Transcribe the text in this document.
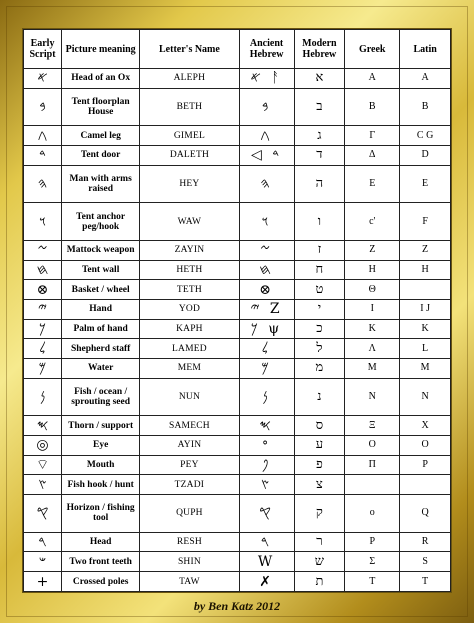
Early Script	Picture meaning	Letter's Name	Ancient Hebrew	Modern Hebrew	Greek	Latin
𐤀	Head of an Ox	ALEPH	𐤀 ᚨ	א	A	A
𐤁	Tent floorplan House	BETH	𐤁	ב	B	B
𐤂	Camel leg	GIMEL	𐤂	ג	Γ	C G
𐤃	Tent door	DALETH	◁ 𐤃	ד	Δ	D
𐤄	Man with arms raised	HEY	𐤄	ה	E	E
𐤅	Tent anchor peg/hook	WAW	𐤅	ו	c'	F
𐤆	Mattock weapon	ZAYIN	𐤆	ז	Z	Z
𐤇	Tent wall	HETH	𐤇	ח	H	H
⊗	Basket / wheel	TETH	⊗	ט	Θ	
𐤉	Hand	YOD	𐤉 Z	י	I	I J
𐤊	Palm of hand	KAPH	𐤊 ψ	כ	K	K
𐤋	Shepherd staff	LAMED	𐤋	ל	Λ	L
𐤌	Water	MEM	𐤌	מ	M	M
𐤍	Fish / ocean / sprouting seed	NUN	𐤍	נ	N	N
𐤎	Thorn / support	SAMECH	𐤎	ס	Ξ	X
◎	Eye	AYIN	𐤏	ע	O	O
⌔	Mouth	PEY	𐤐	פ	Π	P
𐤑	Fish hook / hunt	TZADI	𐤑	צ		
𐤒	Horizon / fishing tool	QUPH	𐤒	ק	o	Q
𐤓	Head	RESH	𐤓	ר	P	R
𐤔	Two front teeth	SHIN	W	ש	Σ	S
+	Crossed poles	TAW	✗	ת	T	T
by Ben Katz 2012
